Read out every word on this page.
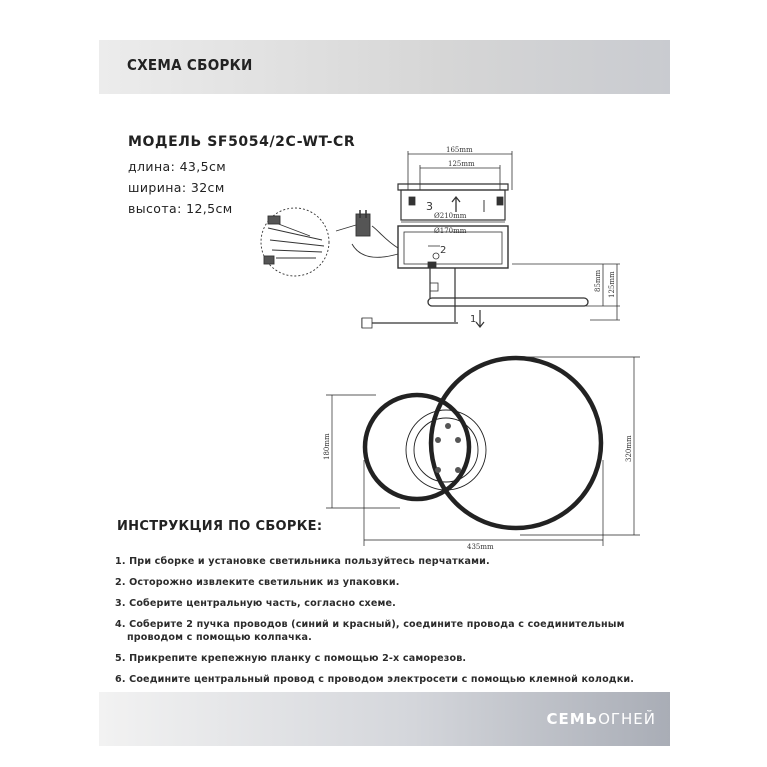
СХЕМА СБОРКИ
МОДЕЛЬ SF5054/2C-WT-CR
длина: 43,5см
ширина: 32см
высота: 12,5см
165mm
125mm
3
Ø210mm
Ø170mm
2
1
85mm 125mm
180mm	320mm
435mm
ИНСТРУКЦИЯ ПО СБОРКЕ:
1. При сборке и установке светильника пользуйтесь перчатками.
2. Осторожно извлеките светильник из упаковки.
3. Соберите центральную часть, согласно схеме.
4. Соберите 2 пучка проводов (синий и красный), соедините провода с соединительным
проводом с помощью колпачка.
5. Прикрепите крепежную планку с помощью 2-х саморезов.
6. Соедините центральный провод с проводом электросети с помощью клемной колодки.
СЕМЬОГНЕЙ
